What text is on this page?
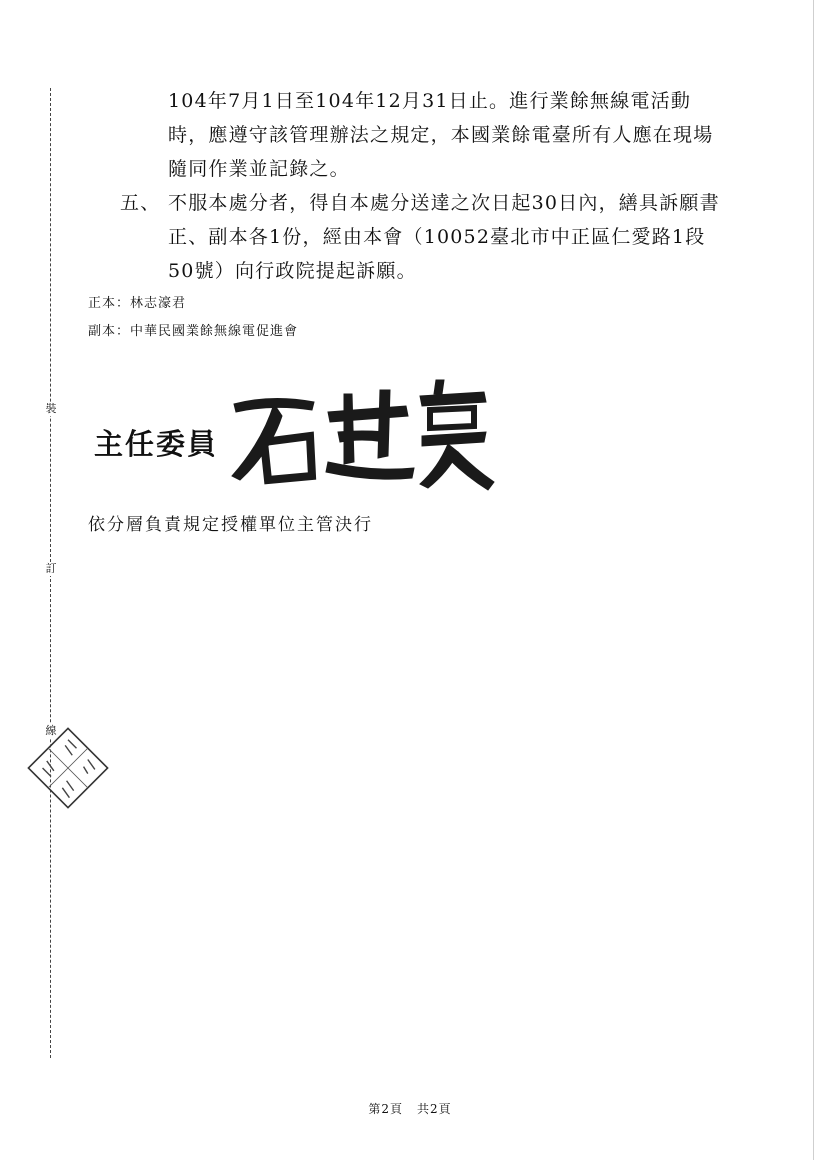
裝
訂
線
104年7月1日至104年12月31日止。進行業餘無線電活動時，應遵守該管理辦法之規定，本國業餘電臺所有人應在現場隨同作業並記錄之。
五、 不服本處分者，得自本處分送達之次日起30日內，繕具訴願書正、副本各1份，經由本會（10052臺北市中正區仁愛路1段50號）向行政院提起訴願。
正本：林志濠君
副本：中華民國業餘無線電促進會
主任委員
依分層負責規定授權單位主管決行
第2頁 共2頁
